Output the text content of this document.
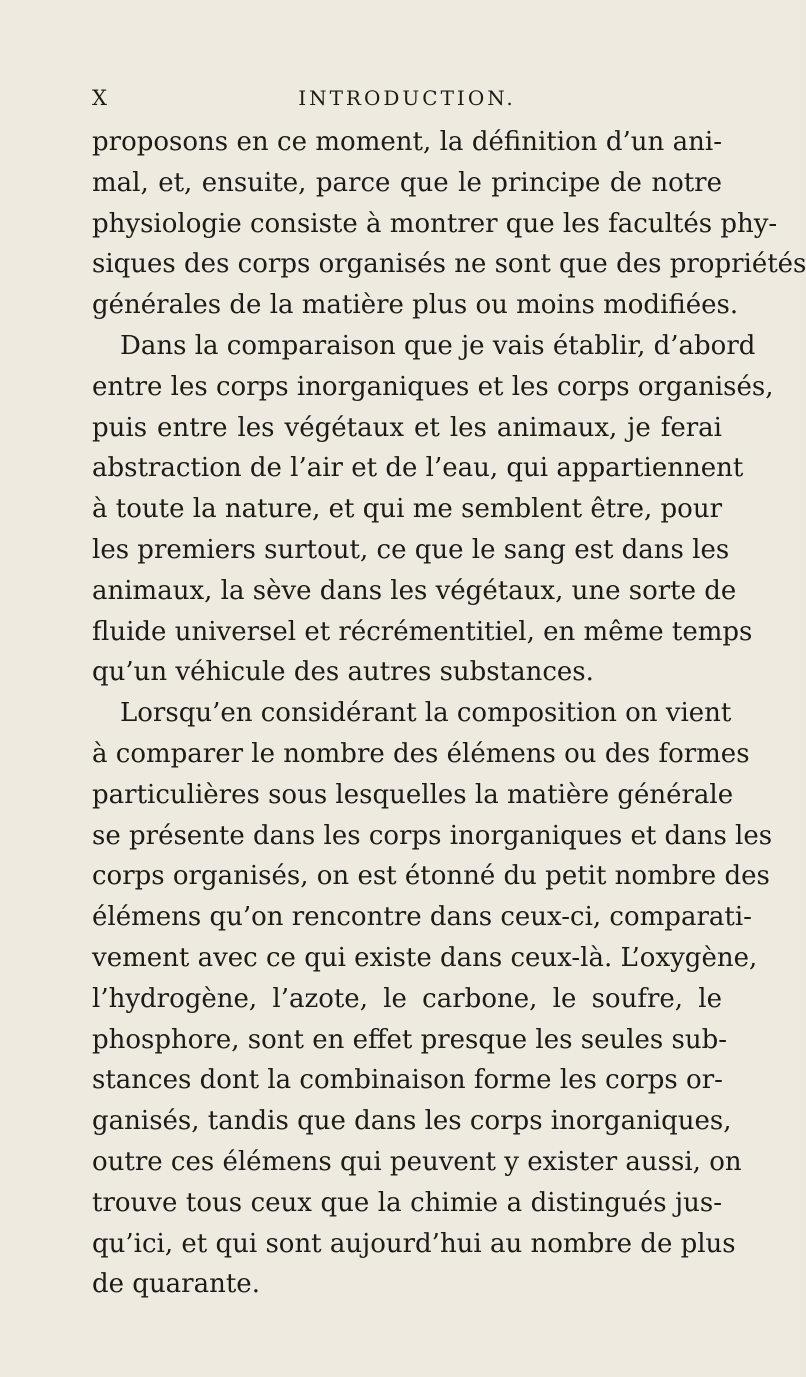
X	INTRODUCTION.
proposons en ce moment, la définition d’un ani-
mal, et, ensuite, parce que le principe de notre
physiologie consiste à montrer que les facultés phy-
siques des corps organisés ne sont que des propriétés
générales de la matière plus ou moins modifiées.
Dans la comparaison que je vais établir, d’abord
entre les corps inorganiques et les corps organisés,
puis entre les végétaux et les animaux, je ferai
abstraction de l’air et de l’eau, qui appartiennent
à toute la nature, et qui me semblent être, pour
les premiers surtout, ce que le sang est dans les
animaux, la sève dans les végétaux, une sorte de
fluide universel et récrémentitiel, en même temps
qu’un véhicule des autres substances.
Lorsqu’en considérant la composition on vient
à comparer le nombre des élémens ou des formes
particulières sous lesquelles la matière générale
se présente dans les corps inorganiques et dans les
corps organisés, on est étonné du petit nombre des
élémens qu’on rencontre dans ceux-ci, comparati-
vement avec ce qui existe dans ceux-là. L’oxygène,
l’hydrogène, l’azote, le carbone, le soufre, le
phosphore, sont en effet presque les seules sub-
stances dont la combinaison forme les corps or-
ganisés, tandis que dans les corps inorganiques,
outre ces élémens qui peuvent y exister aussi, on
trouve tous ceux que la chimie a distingués jus-
qu’ici, et qui sont aujourd’hui au nombre de plus
de quarante.
